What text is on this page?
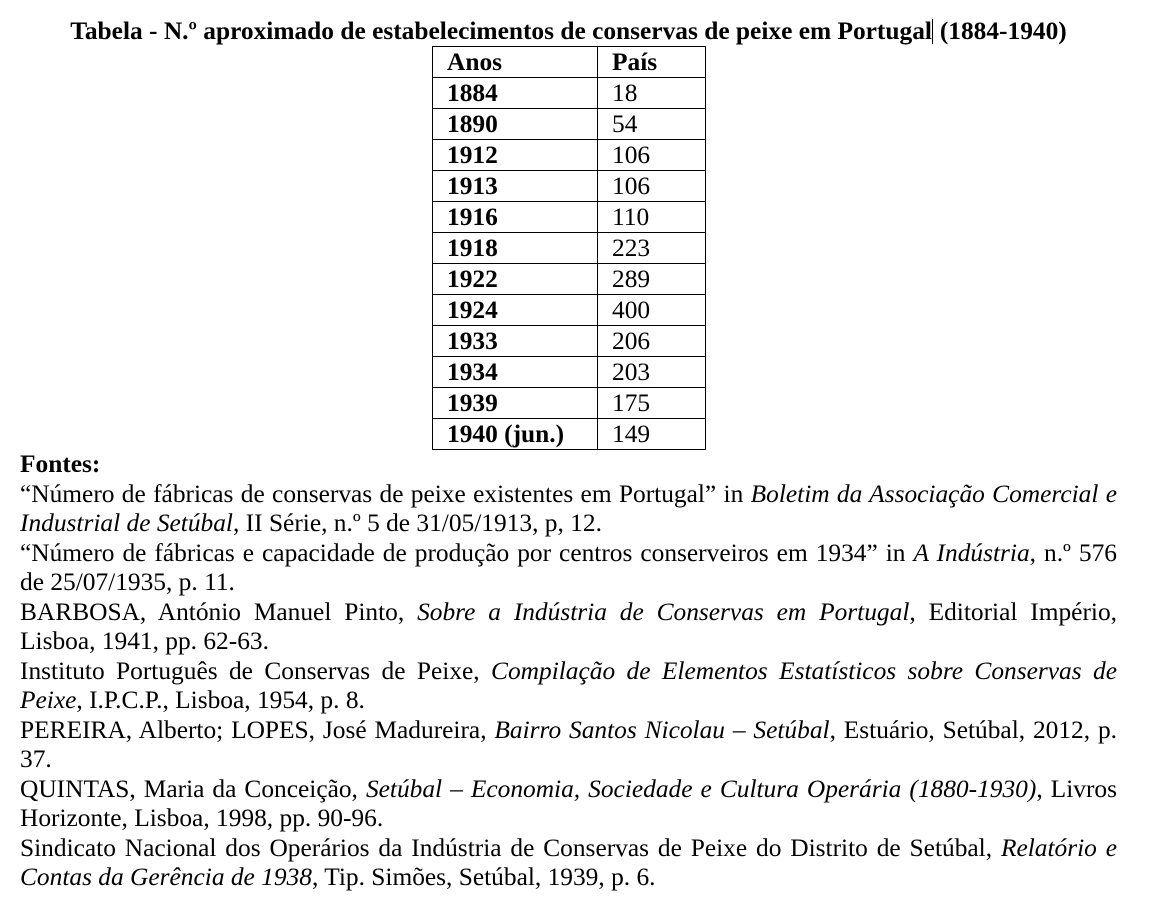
Tabela - N.º aproximado de estabelecimentos de conservas de peixe em Portugal (1884-1940)
Anos	País
1884	18
1890	54
1912	106
1913	106
1916	110
1918	223
1922	289
1924	400
1933	206
1934	203
1939	175
1940 (jun.)	149
Fontes:
“Número de fábricas de conservas de peixe existentes em Portugal” in Boletim da Associação Comercial e
Industrial de Setúbal, II Série, n.º 5 de 31/05/1913, p, 12.
“Número de fábricas e capacidade de produção por centros conserveiros em 1934” in A Indústria, n.º 576
de 25/07/1935, p. 11.
BARBOSA, António Manuel Pinto, Sobre a Indústria de Conservas em Portugal, Editorial Império,
Lisboa, 1941, pp. 62-63.
Instituto Português de Conservas de Peixe, Compilação de Elementos Estatísticos sobre Conservas de
Peixe, I.P.C.P., Lisboa, 1954, p. 8.
PEREIRA, Alberto; LOPES, José Madureira, Bairro Santos Nicolau – Setúbal, Estuário, Setúbal, 2012, p.
37.
QUINTAS, Maria da Conceição, Setúbal – Economia, Sociedade e Cultura Operária (1880-1930), Livros
Horizonte, Lisboa, 1998, pp. 90-96.
Sindicato Nacional dos Operários da Indústria de Conservas de Peixe do Distrito de Setúbal, Relatório e
Contas da Gerência de 1938, Tip. Simões, Setúbal, 1939, p. 6.
